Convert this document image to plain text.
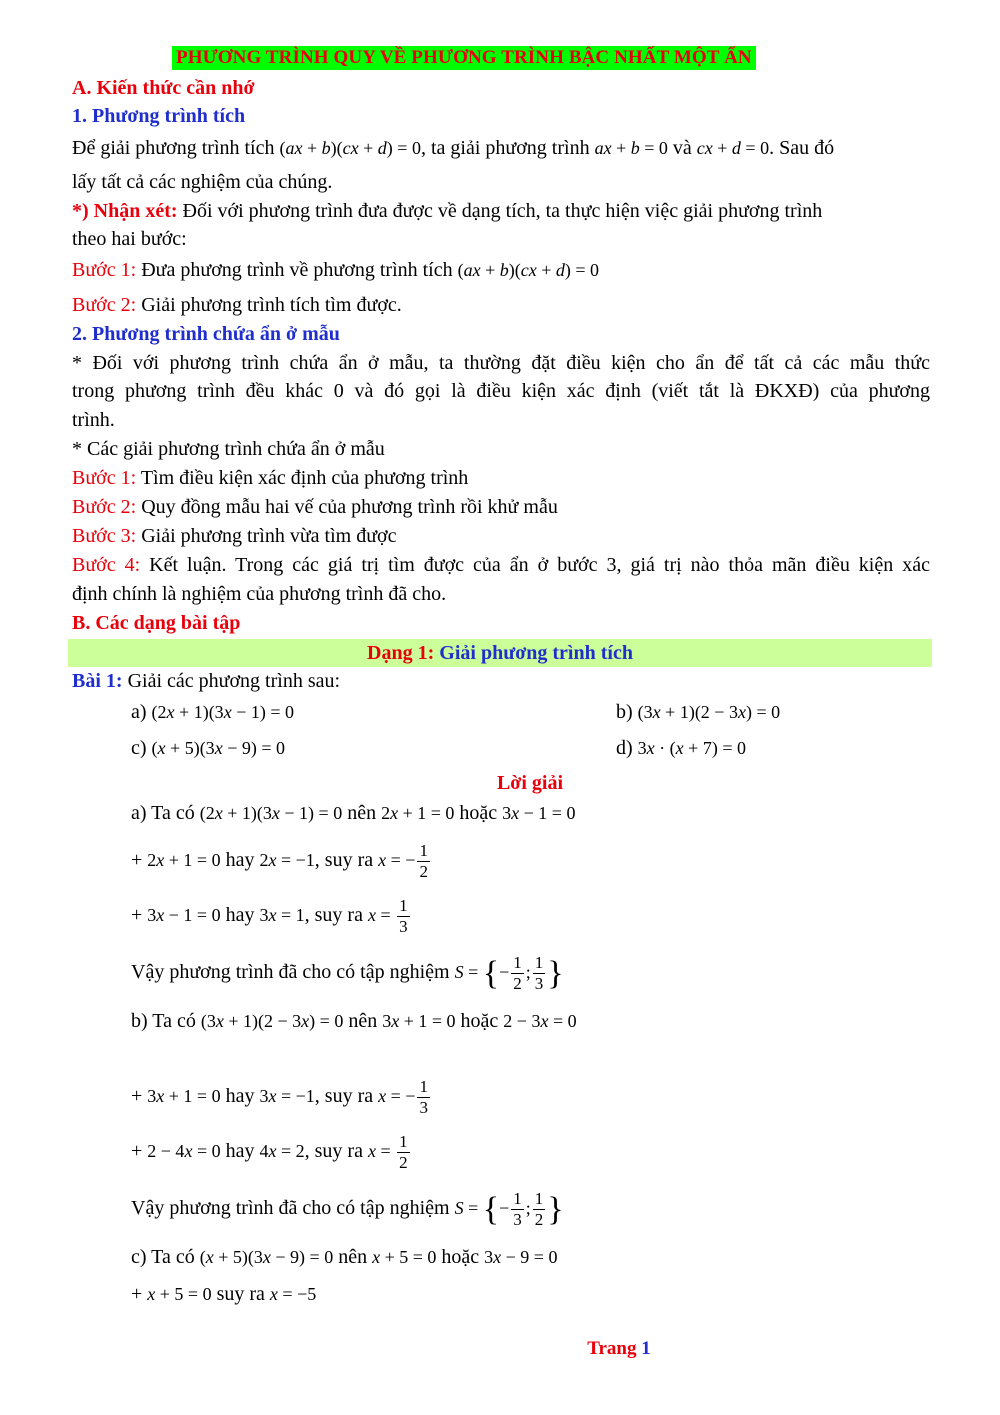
PHƯƠNG TRÌNH QUY VỀ PHƯƠNG TRÌNH BẬC NHẤT MỘT ẨN
A. Kiến thức cần nhớ
1. Phương trình tích
Để giải phương trình tích (ax + b)(cx + d) = 0, ta giải phương trình ax + b = 0 và cx + d = 0. Sau đó
lấy tất cả các nghiệm của chúng.
*) Nhận xét: Đối với phương trình đưa được về dạng tích, ta thực hiện việc giải phương trình
theo hai bước:
Bước 1: Đưa phương trình về phương trình tích (ax + b)(cx + d) = 0
Bước 2: Giải phương trình tích tìm được.
2. Phương trình chứa ẩn ở mẫu
* Đối với phương trình chứa ẩn ở mẫu, ta thường đặt điều kiện cho ẩn để tất cả các mẫu thức
trong phương trình đều khác 0 và đó gọi là điều kiện xác định (viết tắt là ĐKXĐ) của phương
trình.
* Các giải phương trình chứa ẩn ở mẫu
Bước 1: Tìm điều kiện xác định của phương trình
Bước 2: Quy đồng mẫu hai vế của phương trình rồi khử mẫu
Bước 3: Giải phương trình vừa tìm được
Bước 4: Kết luận. Trong các giá trị tìm được của ẩn ở bước 3, giá trị nào thỏa mãn điều kiện xác
định chính là nghiệm của phương trình đã cho.
B. Các dạng bài tập
Dạng 1: Giải phương trình tích
Bài 1: Giải các phương trình sau:
a) (2x + 1)(3x − 1) = 0	b) (3x + 1)(2 − 3x) = 0
c) (x + 5)(3x − 9) = 0	d) 3x · (x + 7) = 0
Lời giải
a) Ta có (2x + 1)(3x − 1) = 0 nên 2x + 1 = 0 hoặc 3x − 1 = 0
+ 2x + 1 = 0 hay 2x = −1, suy ra x = − $\frac{1}{2}$
+ 3x − 1 = 0 hay 3x = 1, suy ra $x = \frac{1}{3}$
Vậy phương trình đã cho có tập nghiệm S = {− $\frac{1}{2}$ ; $\frac{1}{3}$ }
b) Ta có (3x + 1)(2 − 3x) = 0 nên 3x + 1 = 0 hoặc 2 − 3x = 0
+ 3x + 1 = 0 hay 3x = −1, suy ra x = − $\frac{1}{3}$
+ 2 − 4x = 0 hay 4x = 2, suy ra $x = \frac{1}{2}$
Vậy phương trình đã cho có tập nghiệm S = {− $\frac{1}{3}$ ; $\frac{1}{2}$ }
c) Ta có (x + 5)(3x − 9) = 0 nên x + 5 = 0 hoặc 3x − 9 = 0
+ x + 5 = 0 suy ra x = −5
Trang 1
